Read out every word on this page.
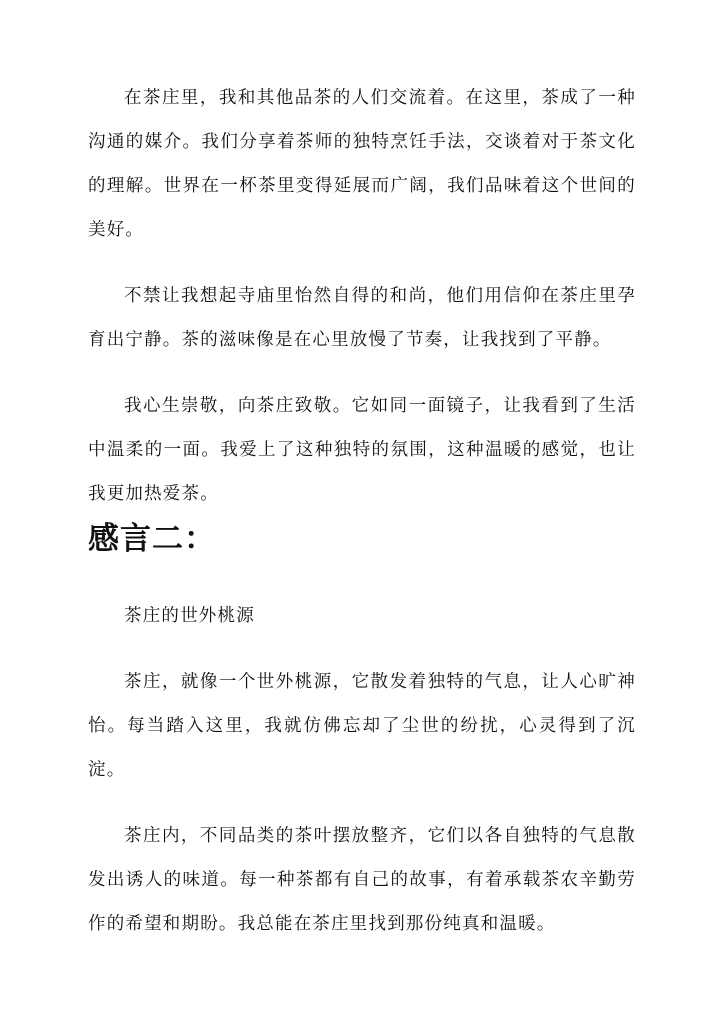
在茶庄里，我和其他品茶的人们交流着。在这里，茶成了一种沟通的媒介。我们分享着茶师的独特烹饪手法，交谈着对于茶文化的理解。世界在一杯茶里变得延展而广阔，我们品味着这个世间的美好。

不禁让我想起寺庙里怡然自得的和尚，他们用信仰在茶庄里孕育出宁静。茶的滋味像是在心里放慢了节奏，让我找到了平静。

我心生崇敬，向茶庄致敬。它如同一面镜子，让我看到了生活中温柔的一面。我爱上了这种独特的氛围，这种温暖的感觉，也让我更加热爱茶。

感言二：

茶庄的世外桃源

茶庄，就像一个世外桃源，它散发着独特的气息，让人心旷神怡。每当踏入这里，我就仿佛忘却了尘世的纷扰，心灵得到了沉淀。

茶庄内，不同品类的茶叶摆放整齐，它们以各自独特的气息散发出诱人的味道。每一种茶都有自己的故事，有着承载茶农辛勤劳作的希望和期盼。我总能在茶庄里找到那份纯真和温暖。
